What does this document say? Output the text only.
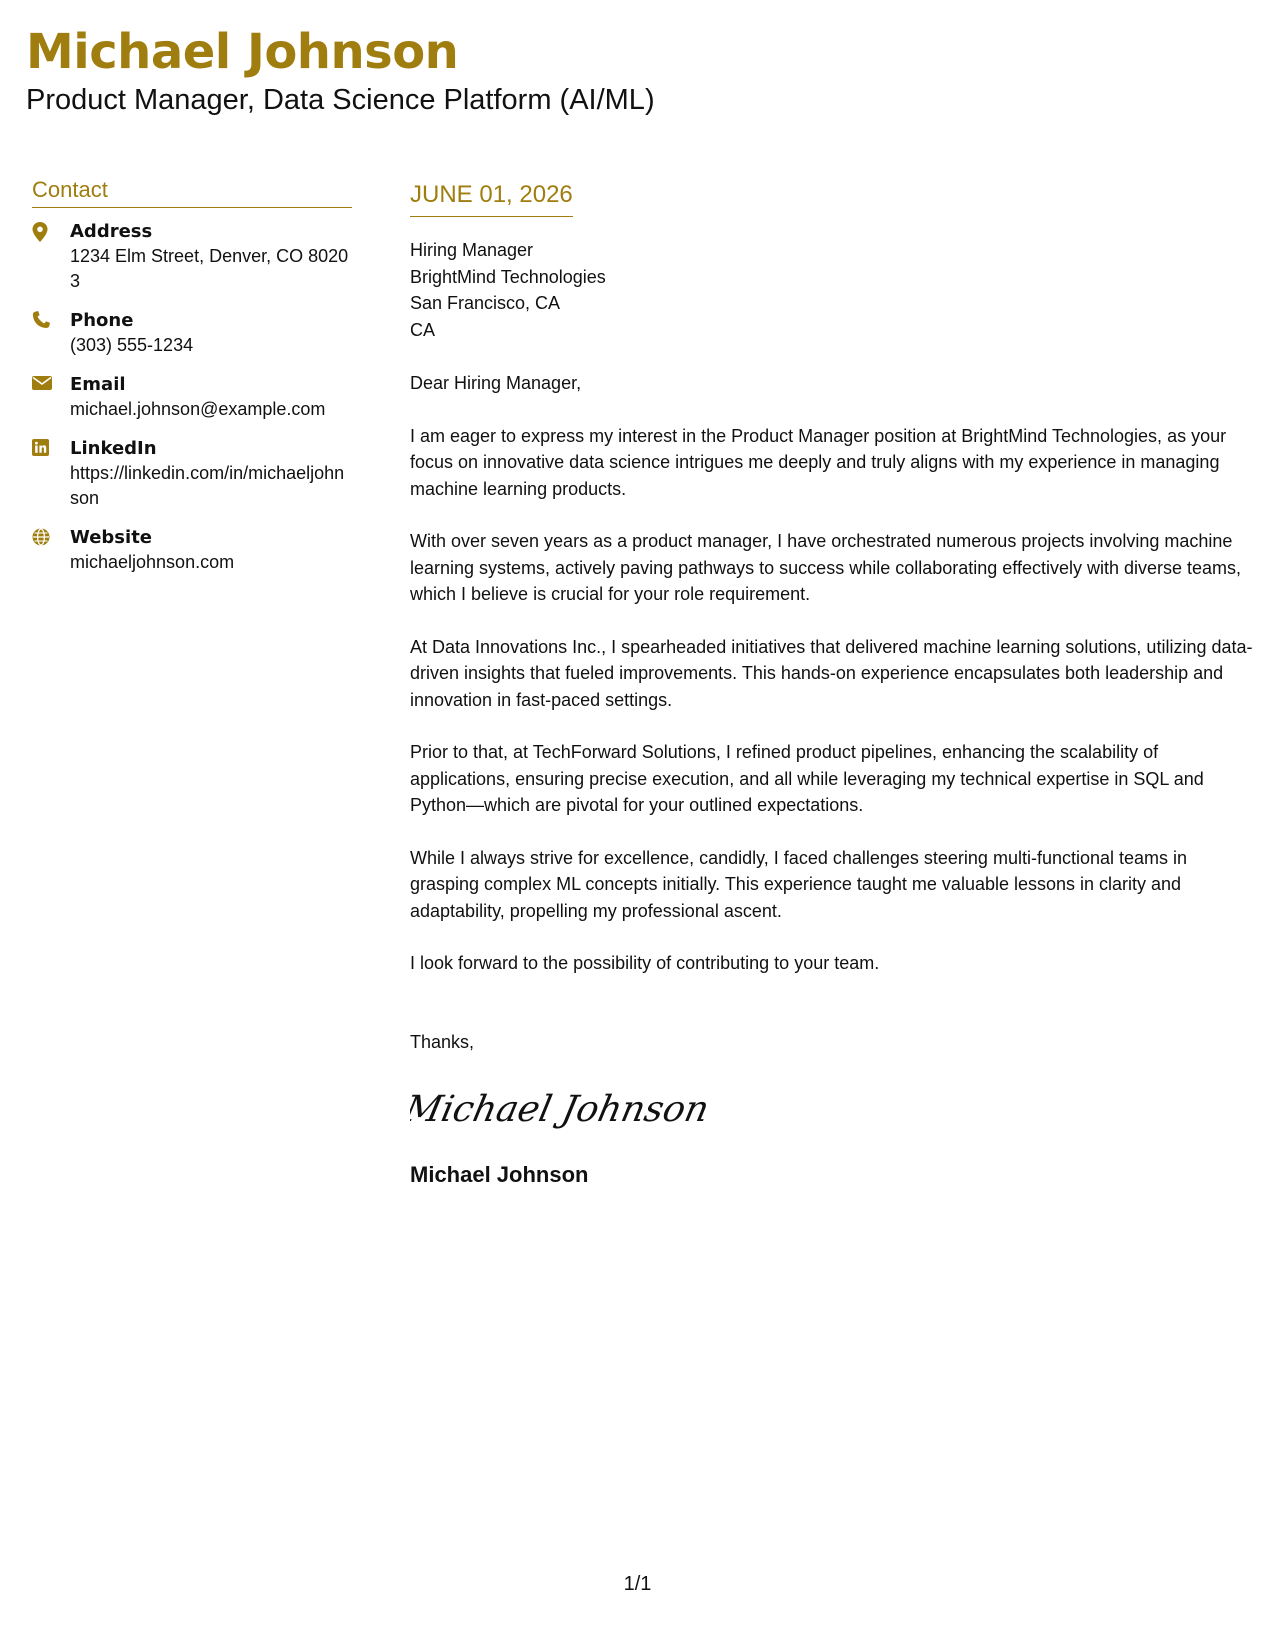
Michael Johnson

Product Manager, Data Science Platform (AI/ML)

Contact
Address
1234 Elm Street, Denver, CO 80203
Phone
(303) 555-1234
Email
michael.johnson@example.com
LinkedIn
https://linkedin.com/in/michaeljohnson
Website
michaeljohnson.com
JUNE 01, 2026
Hiring Manager
BrightMind Technologies
San Francisco, CA
CA
Dear Hiring Manager,

I am eager to express my interest in the Product Manager position at BrightMind Technologies, as your focus on innovative data science intrigues me deeply and truly aligns with my experience in managing machine learning products.

With over seven years as a product manager, I have orchestrated numerous projects involving machine learning systems, actively paving pathways to success while collaborating effectively with diverse teams, which I believe is crucial for your role requirement.

At Data Innovations Inc., I spearheaded initiatives that delivered machine learning solutions, utilizing data-driven insights that fueled improvements. This hands-on experience encapsulates both leadership and innovation in fast-paced settings.

Prior to that, at TechForward Solutions, I refined product pipelines, enhancing the scalability of applications, ensuring precise execution, and all while leveraging my technical expertise in SQL and Python—which are pivotal for your outlined expectations.

While I always strive for excellence, candidly, I faced challenges steering multi-functional teams in grasping complex ML concepts initially. This experience taught me valuable lessons in clarity and adaptability, propelling my professional ascent.

I look forward to the possibility of contributing to your team.

Thanks,
Michael Johnson
Michael Johnson
1/1
